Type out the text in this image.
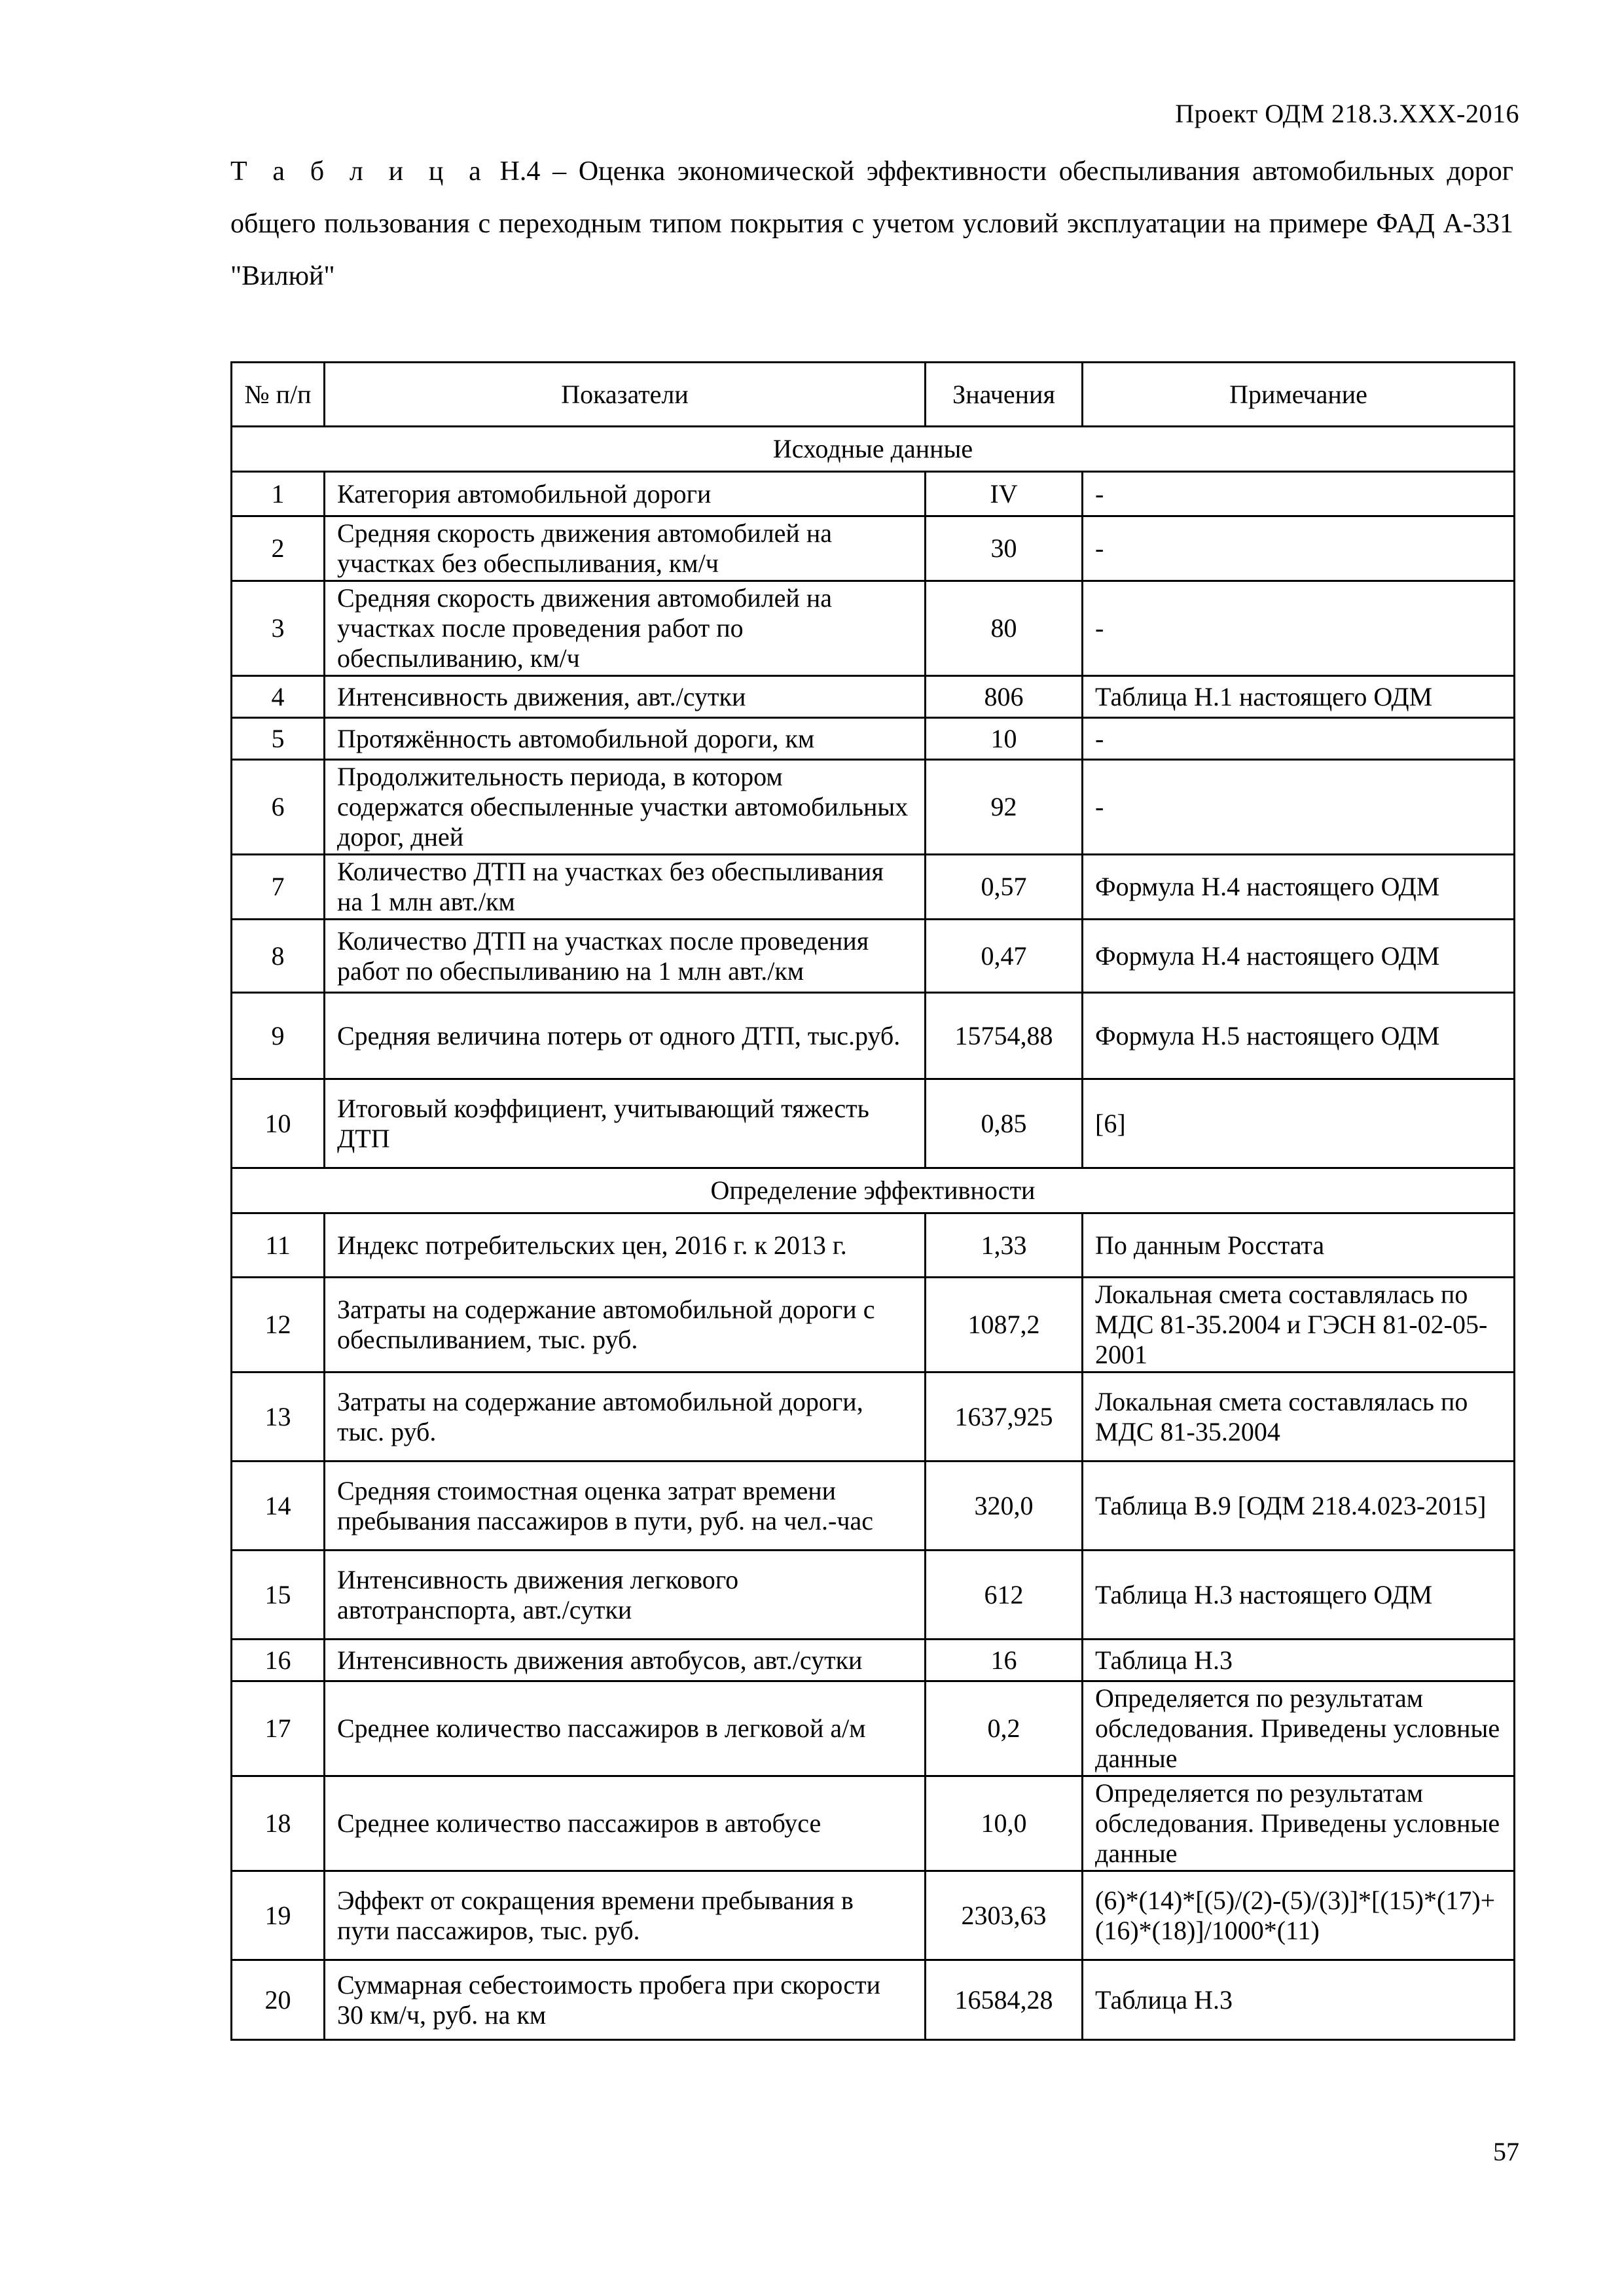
Проект ОДМ 218.3.XXX-2016
Т а б л и ц а Н.4 – Оценка экономической эффективности обеспыливания автомобильных дорог общего пользования с переходным типом покрытия с учетом условий эксплуатации на примере ФАД А-331 "Вилюй"
№ п/п	Показатели	Значения	Примечание
Исходные данные			
1	Категория автомобильной дороги	IV	-
2	Средняя скорость движения автомобилей на участках без обеспыливания, км/ч	30	-
3	Средняя скорость движения автомобилей на участках после проведения работ по обеспыливанию, км/ч	80	-
4	Интенсивность движения, авт./сутки	806	Таблица Н.1 настоящего ОДМ
5	Протяжённость автомобильной дороги, км	10	-
6	Продолжительность периода, в котором содержатся обеспыленные участки автомобильных дорог, дней	92	-
7	Количество ДТП на участках без обеспыливания на 1 млн авт./км	0,57	Формула Н.4 настоящего ОДМ
8	Количество ДТП на участках после проведения работ по обеспыливанию на 1 млн авт./км	0,47	Формула Н.4 настоящего ОДМ
9	Средняя величина потерь от одного ДТП, тыс.руб.	15754,88	Формула Н.5 настоящего ОДМ
10	Итоговый коэффициент, учитывающий тяжесть ДТП	0,85	[6]
Определение эффективности			
11	Индекс потребительских цен, 2016 г. к 2013 г.	1,33	По данным Росстата
12	Затраты на содержание автомобильной дороги с обеспыливанием, тыс. руб.	1087,2	Локальная смета составлялась по МДС 81-35.2004 и ГЭСН 81-02-05-2001
13	Затраты на содержание автомобильной дороги, тыс. руб.	1637,925	Локальная смета составлялась по МДС 81-35.2004
14	Средняя стоимостная оценка затрат времени пребывания пассажиров в пути, руб. на чел.-час	320,0	Таблица В.9 [ОДМ 218.4.023-2015]
15	Интенсивность движения легкового автотранспорта, авт./сутки	612	Таблица Н.3 настоящего ОДМ
16	Интенсивность движения автобусов, авт./сутки	16	Таблица Н.3
17	Среднее количество пассажиров в легковой а/м	0,2	Определяется по результатам обследования. Приведены условные данные
18	Среднее количество пассажиров в автобусе	10,0	Определяется по результатам обследования. Приведены условные данные
19	Эффект от сокращения времени пребывания в пути пассажиров, тыс. руб.	2303,63	(6)*(14)*[(5)/(2)-(5)/(3)]*[(15)*(17)+(16)*(18)]/1000*(11)
20	Суммарная себестоимость пробега при скорости 30 км/ч, руб. на км	16584,28	Таблица Н.3
57
